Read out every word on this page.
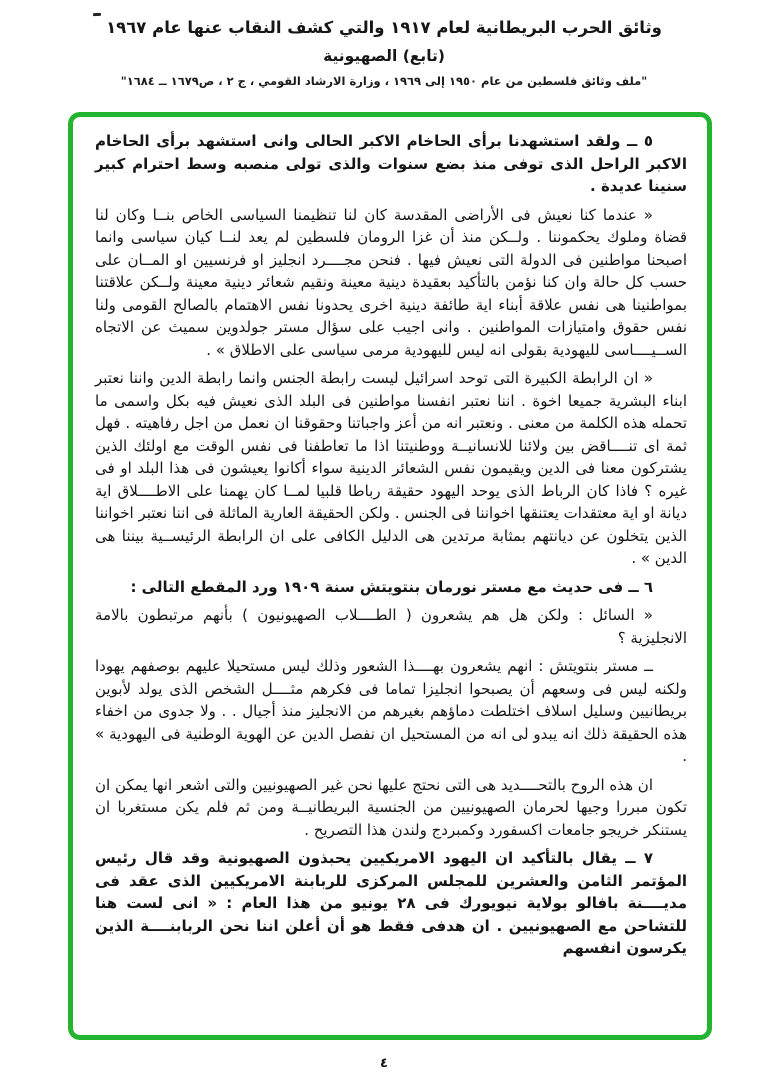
وثائق الحرب البريطانية لعام ١٩١٧ والتي كشف النقاب عنها عام ١٩٦٧
(تابع) الصهيونية
"ملف وثائق فلسطين من عام ١٩٥٠ إلى ١٩٦٩ ، وزارة الارشاد القومي ، ج ٢ ، ص١٦٧٩ ــ ١٦٨٤"

٥ ــ ولقد استشهدنا برأى الحاخام الاكبر الحالى وانى استشهد برأى الحاخام الاكبر الراحل الذى توفى منذ بضع سنوات والذى تولى منصبه وسط احترام كبير سنينا عديدة .

« عندما كنا نعيش فى الأراضى المقدسة كان لنا تنظيمنا السياسى الخاص بنــا وكان لنا قضاة وملوك يحكموننا . ولــكن منذ أن غزا الرومان فلسطين لم يعد لنــا كيان سياسى وانما اصبحنا مواطنين فى الدولة التى نعيش فيها . فنحن مجــــرد انجليز او فرنسيين او المــان على حسب كل حالة وان كنا نؤمن بالتأكيد بعقيدة دينية معينة ونقيم شعائر دينية معينة ولــكن علاقتنا بمواطنينا هى نفس علاقة أبناء اية طائفة دينية اخرى يحدونا نفس الاهتمام بالصالح القومى ولنا نفس حقوق وامتيازات المواطنين . وانى اجيب على سؤال مستر جولدوين سميث عن الاتجاه الســيــــاسى لليهودية بقولى انه ليس لليهودية مرمى سياسى على الاطلاق » .

« ان الرابطة الكبيرة التى توحد اسرائيل ليست رابطة الجنس وانما رابطة الدين واننا نعتبر ابناء البشرية جميعا اخوة . اننا نعتبر انفسنا مواطنين فى البلد الذى نعيش فيه بكل واسمى ما تحمله هذه الكلمة من معنى . ونعتبر انه من أعز واجباتنا وحقوقنا ان نعمل من اجل رفاهيته . فهل ثمة اى تنــــاقض بين ولائنا للانسانيــة ووطنيتنا اذا ما تعاطفنا فى نفس الوقت مع اولئك الذين يشتركون معنا فى الدين ويقيمون نفس الشعائر الدينية سواء أكانوا يعيشون فى هذا البلد او فى غيره ؟ فاذا كان الرباط الذى يوحد اليهود حقيقة رباطا قلبيا لمــا كان يهمنا على الاطــــلاق اية ديانة او اية معتقدات يعتنقها اخواننا فى الجنس . ولكن الحقيقة العارية الماثلة فى اننا نعتبر اخواننا الذين يتخلون عن ديانتهم بمثابة مرتدين هى الدليل الكافى على ان الرابطة الرئيســية بيننا هى الدين » .

٦ ــ فى حديث مع مستر نورمان بنتويتش سنة ١٩٠٩ ورد المقطع التالى :

« السائل : ولكن هل هم يشعرون ( الطــــلاب الصهيونيون ) بأنهم مرتبطون بالامة الانجليزية ؟

ــ مستر بنتويتش : انهم يشعرون بهــــذا الشعور وذلك ليس مستحيلا عليهم بوصفهم يهودا ولكنه ليس فى وسعهم أن يصبحوا انجليزا تماما فى فكرهم مثــــل الشخص الذى يولد لأبوين بريطانيين وسليل اسلاف اختلطت دماؤهم بغيرهم من الانجليز منذ أجيال . . ولا جدوى من اخفاء هذه الحقيقة ذلك انه يبدو لى انه من المستحيل ان نفصل الدين عن الهوية الوطنية فى اليهودية » .

ان هذه الروح بالتحــــديد هى التى نحتج عليها نحن غير الصهيونيين والتى اشعر انها يمكن ان تكون مبررا وجيها لحرمان الصهيونيين من الجنسية البريطانيــة ومن ثم فلم يكن مستغربا ان يستنكر خريجو جامعات اكسفورد وكمبردج ولندن هذا التصريح .

٧ ــ يقال بالتأكيد ان اليهود الامريكيين يحبذون الصهيونية وقد قال رئيس المؤتمر الثامن والعشرين للمجلس المركزى للربابنة الامريكيين الذى عقد فى مديــــنة بافالو بولاية نيويورك فى ٢٨ يونيو من هذا العام : « انى لست هنا للتشاحن مع الصهيونيين . ان هدفى فقط هو أن أعلن اننا نحن الربابنــــة الذين يكرسون انفسهم

٤
